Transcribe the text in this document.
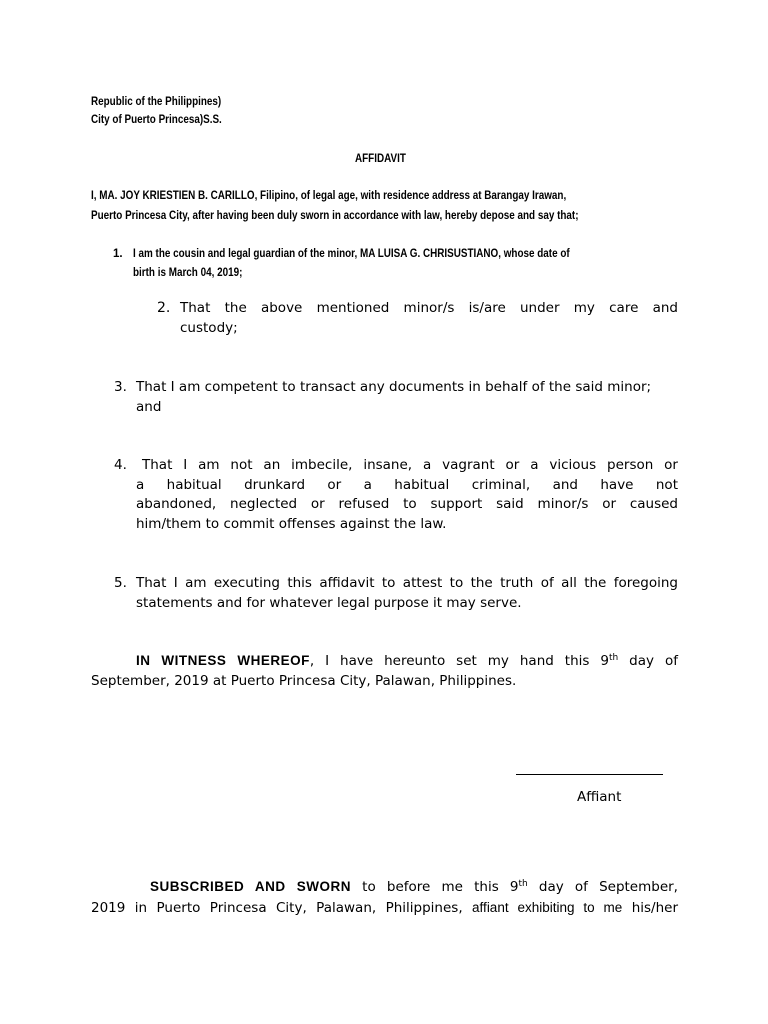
Republic of the Philippines)
City of Puerto Princesa)S.S.
AFFIDAVIT
I, MA. JOY KRIESTIEN B. CARILLO, Filipino, of legal age, with residence address at Barangay Irawan,
Puerto Princesa City, after having been duly sworn in accordance with law, hereby depose and say that;
1. I am the cousin and legal guardian of the minor, MA LUISA G. CHRISUSTIANO, whose date of
birth is March 04, 2019;
2. That the above mentioned minor/s is/are under my care and
custody;
3. That I am competent to transact any documents in behalf of the said minor;
and
4.	That I am not an imbecile, insane, a vagrant or a vicious person or
a habitual drunkard or a habitual criminal, and have not
abandoned, neglected or refused to support said minor/s or caused
him/them to commit offenses against the law.
5. That I am executing this affidavit to attest to the truth of all the foregoing
statements and for whatever legal purpose it may serve.
IN WITNESS WHEREOF, I have hereunto set my hand this 9th day of
September, 2019 at Puerto Princesa City, Palawan, Philippines.
Affiant
SUBSCRIBED AND SWORN to before me this 9th day of September,
2019 in Puerto Princesa City, Palawan, Philippines, affiant exhibiting to me his/her
